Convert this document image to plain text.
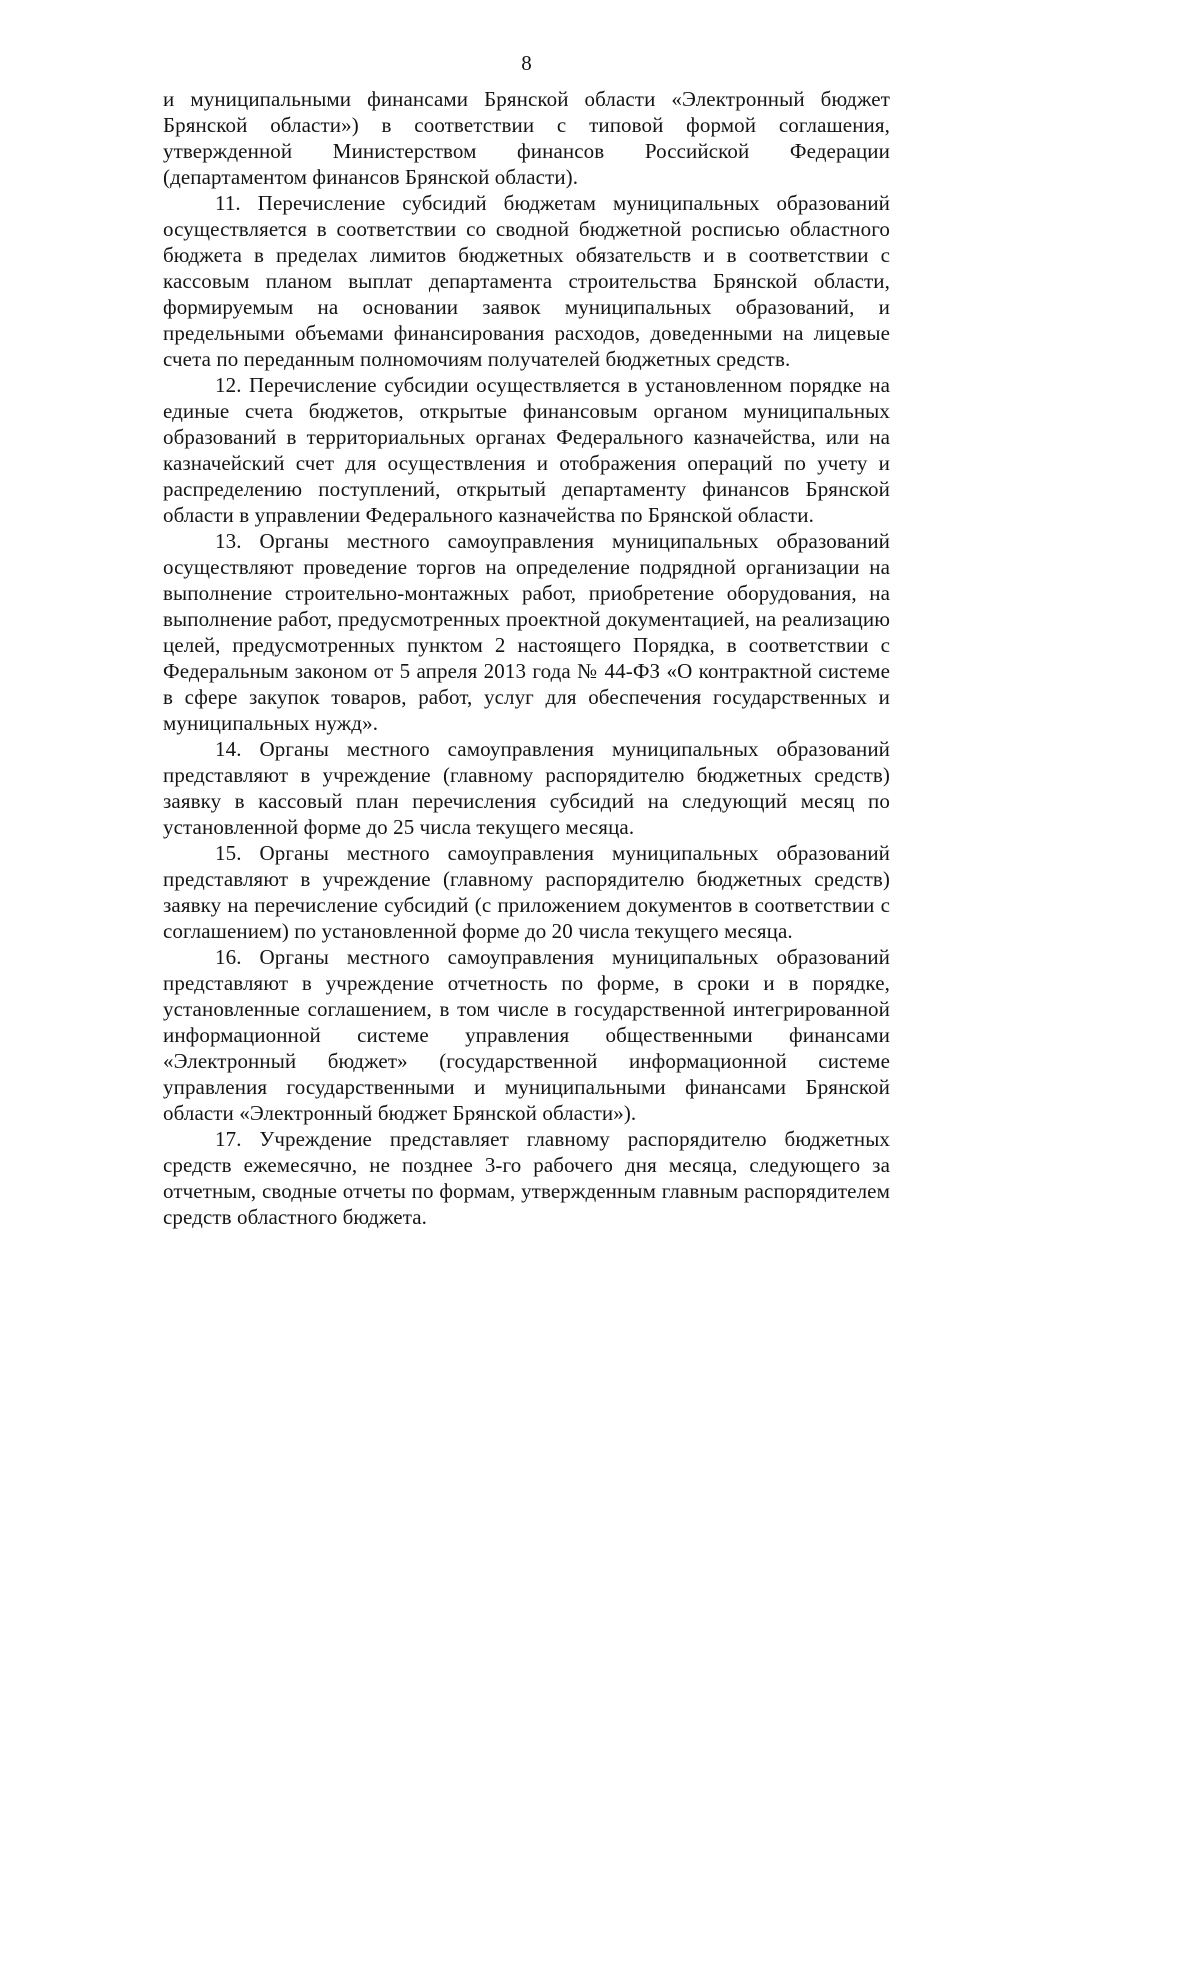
8

и муниципальными финансами Брянской области «Электронный бюджет Брянской области») в соответствии с типовой формой соглашения, утвержденной Министерством финансов Российской Федерации (департаментом финансов Брянской области).

11. Перечисление субсидий бюджетам муниципальных образований осуществляется в соответствии со сводной бюджетной росписью областного бюджета в пределах лимитов бюджетных обязательств и в соответствии с кассовым планом выплат департамента строительства Брянской области, формируемым на основании заявок муниципальных образований, и предельными объемами финансирования расходов, доведенными на лицевые счета по переданным полномочиям получателей бюджетных средств.

12. Перечисление субсидии осуществляется в установленном порядке на единые счета бюджетов, открытые финансовым органом муниципальных образований в территориальных органах Федерального казначейства, или на казначейский счет для осуществления и отображения операций по учету и распределению поступлений, открытый департаменту финансов Брянской области в управлении Федерального казначейства по Брянской области.

13. Органы местного самоуправления муниципальных образований осуществляют проведение торгов на определение подрядной организации на выполнение строительно-монтажных работ, приобретение оборудования, на выполнение работ, предусмотренных проектной документацией, на реализацию целей, предусмотренных пунктом 2 настоящего Порядка, в соответствии с Федеральным законом от 5 апреля 2013 года № 44-ФЗ «О контрактной системе в сфере закупок товаров, работ, услуг для обеспечения государственных и муниципальных нужд».

14. Органы местного самоуправления муниципальных образований представляют в учреждение (главному распорядителю бюджетных средств) заявку в кассовый план перечисления субсидий на следующий месяц по установленной форме до 25 числа текущего месяца.

15. Органы местного самоуправления муниципальных образований представляют в учреждение (главному распорядителю бюджетных средств) заявку на перечисление субсидий (с приложением документов в соответствии с соглашением) по установленной форме до 20 числа текущего месяца.

16. Органы местного самоуправления муниципальных образований представляют в учреждение отчетность по форме, в сроки и в порядке, установленные соглашением, в том числе в государственной интегрированной информационной системе управления общественными финансами «Электронный бюджет» (государственной информационной системе управления государственными и муниципальными финансами Брянской области «Электронный бюджет Брянской области»).

17. Учреждение представляет главному распорядителю бюджетных средств ежемесячно, не позднее 3-го рабочего дня месяца, следующего за отчетным, сводные отчеты по формам, утвержденным главным распорядителем средств областного бюджета.
